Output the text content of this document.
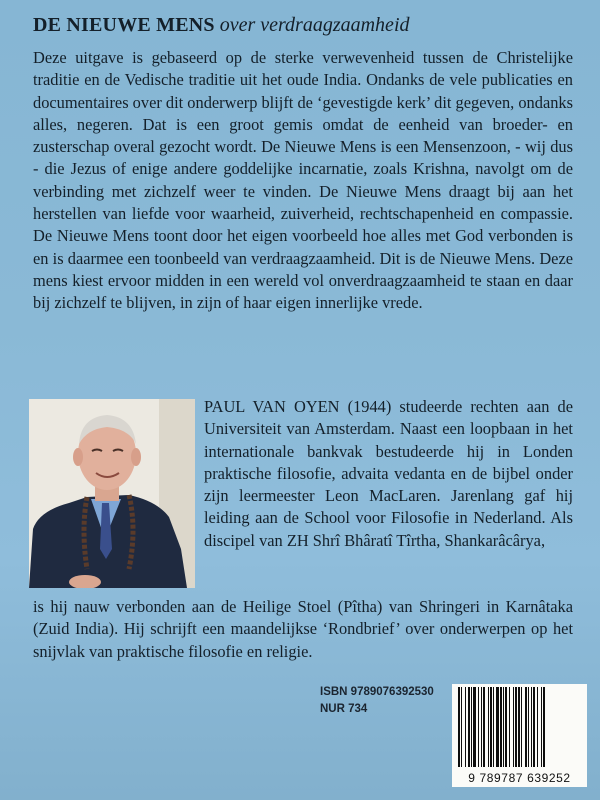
DE NIEUWE MENS over verdraagzaamheid
Deze uitgave is gebaseerd op de sterke verwevenheid tussen de Christelijke traditie en de Vedische traditie uit het oude India. Ondanks de vele publicaties en documentaires over dit onderwerp blijft de ‘gevestigde kerk’ dit gegeven, ondanks alles, negeren. Dat is een groot gemis omdat de eenheid van broeder- en zusterschap overal gezocht wordt. De Nieuwe Mens is een Mensenzoon, - wij dus - die Jezus of enige andere goddelijke incarnatie, zoals Krishna, navolgt om de verbinding met zichzelf weer te vinden. De Nieuwe Mens draagt bij aan het herstellen van liefde voor waarheid, zuiverheid, rechtschapenheid en compassie. De Nieuwe Mens toont door het eigen voorbeeld hoe alles met God verbonden is en is daarmee een toonbeeld van verdraagzaamheid. Dit is de Nieuwe Mens. Deze mens kiest ervoor midden in een wereld vol onverdraagzaamheid te staan en daar bij zichzelf te blijven, in zijn of haar eigen innerlijke vrede.
PAUL VAN OYEN (1944) studeerde rechten aan de Universiteit van Amsterdam. Naast een loopbaan in het internationale bankvak bestudeerde hij in Londen praktische filosofie, advaita vedanta en de bijbel onder zijn leermeester Leon MacLaren. Jarenlang gaf hij leiding aan de School voor Filosofie in Nederland. Als discipel van ZH Shrî Bhâratî Tîrtha, Shankarâcârya,
is hij nauw verbonden aan de Heilige Stoel (Pîtha) van Shringeri in Karnâtaka (Zuid India). Hij schrijft een maandelijkse ‘Rondbrief’ over onderwerpen op het snijvlak van praktische filosofie en religie.
ISBN 9789076392530
NUR 734
9 789787 639252
